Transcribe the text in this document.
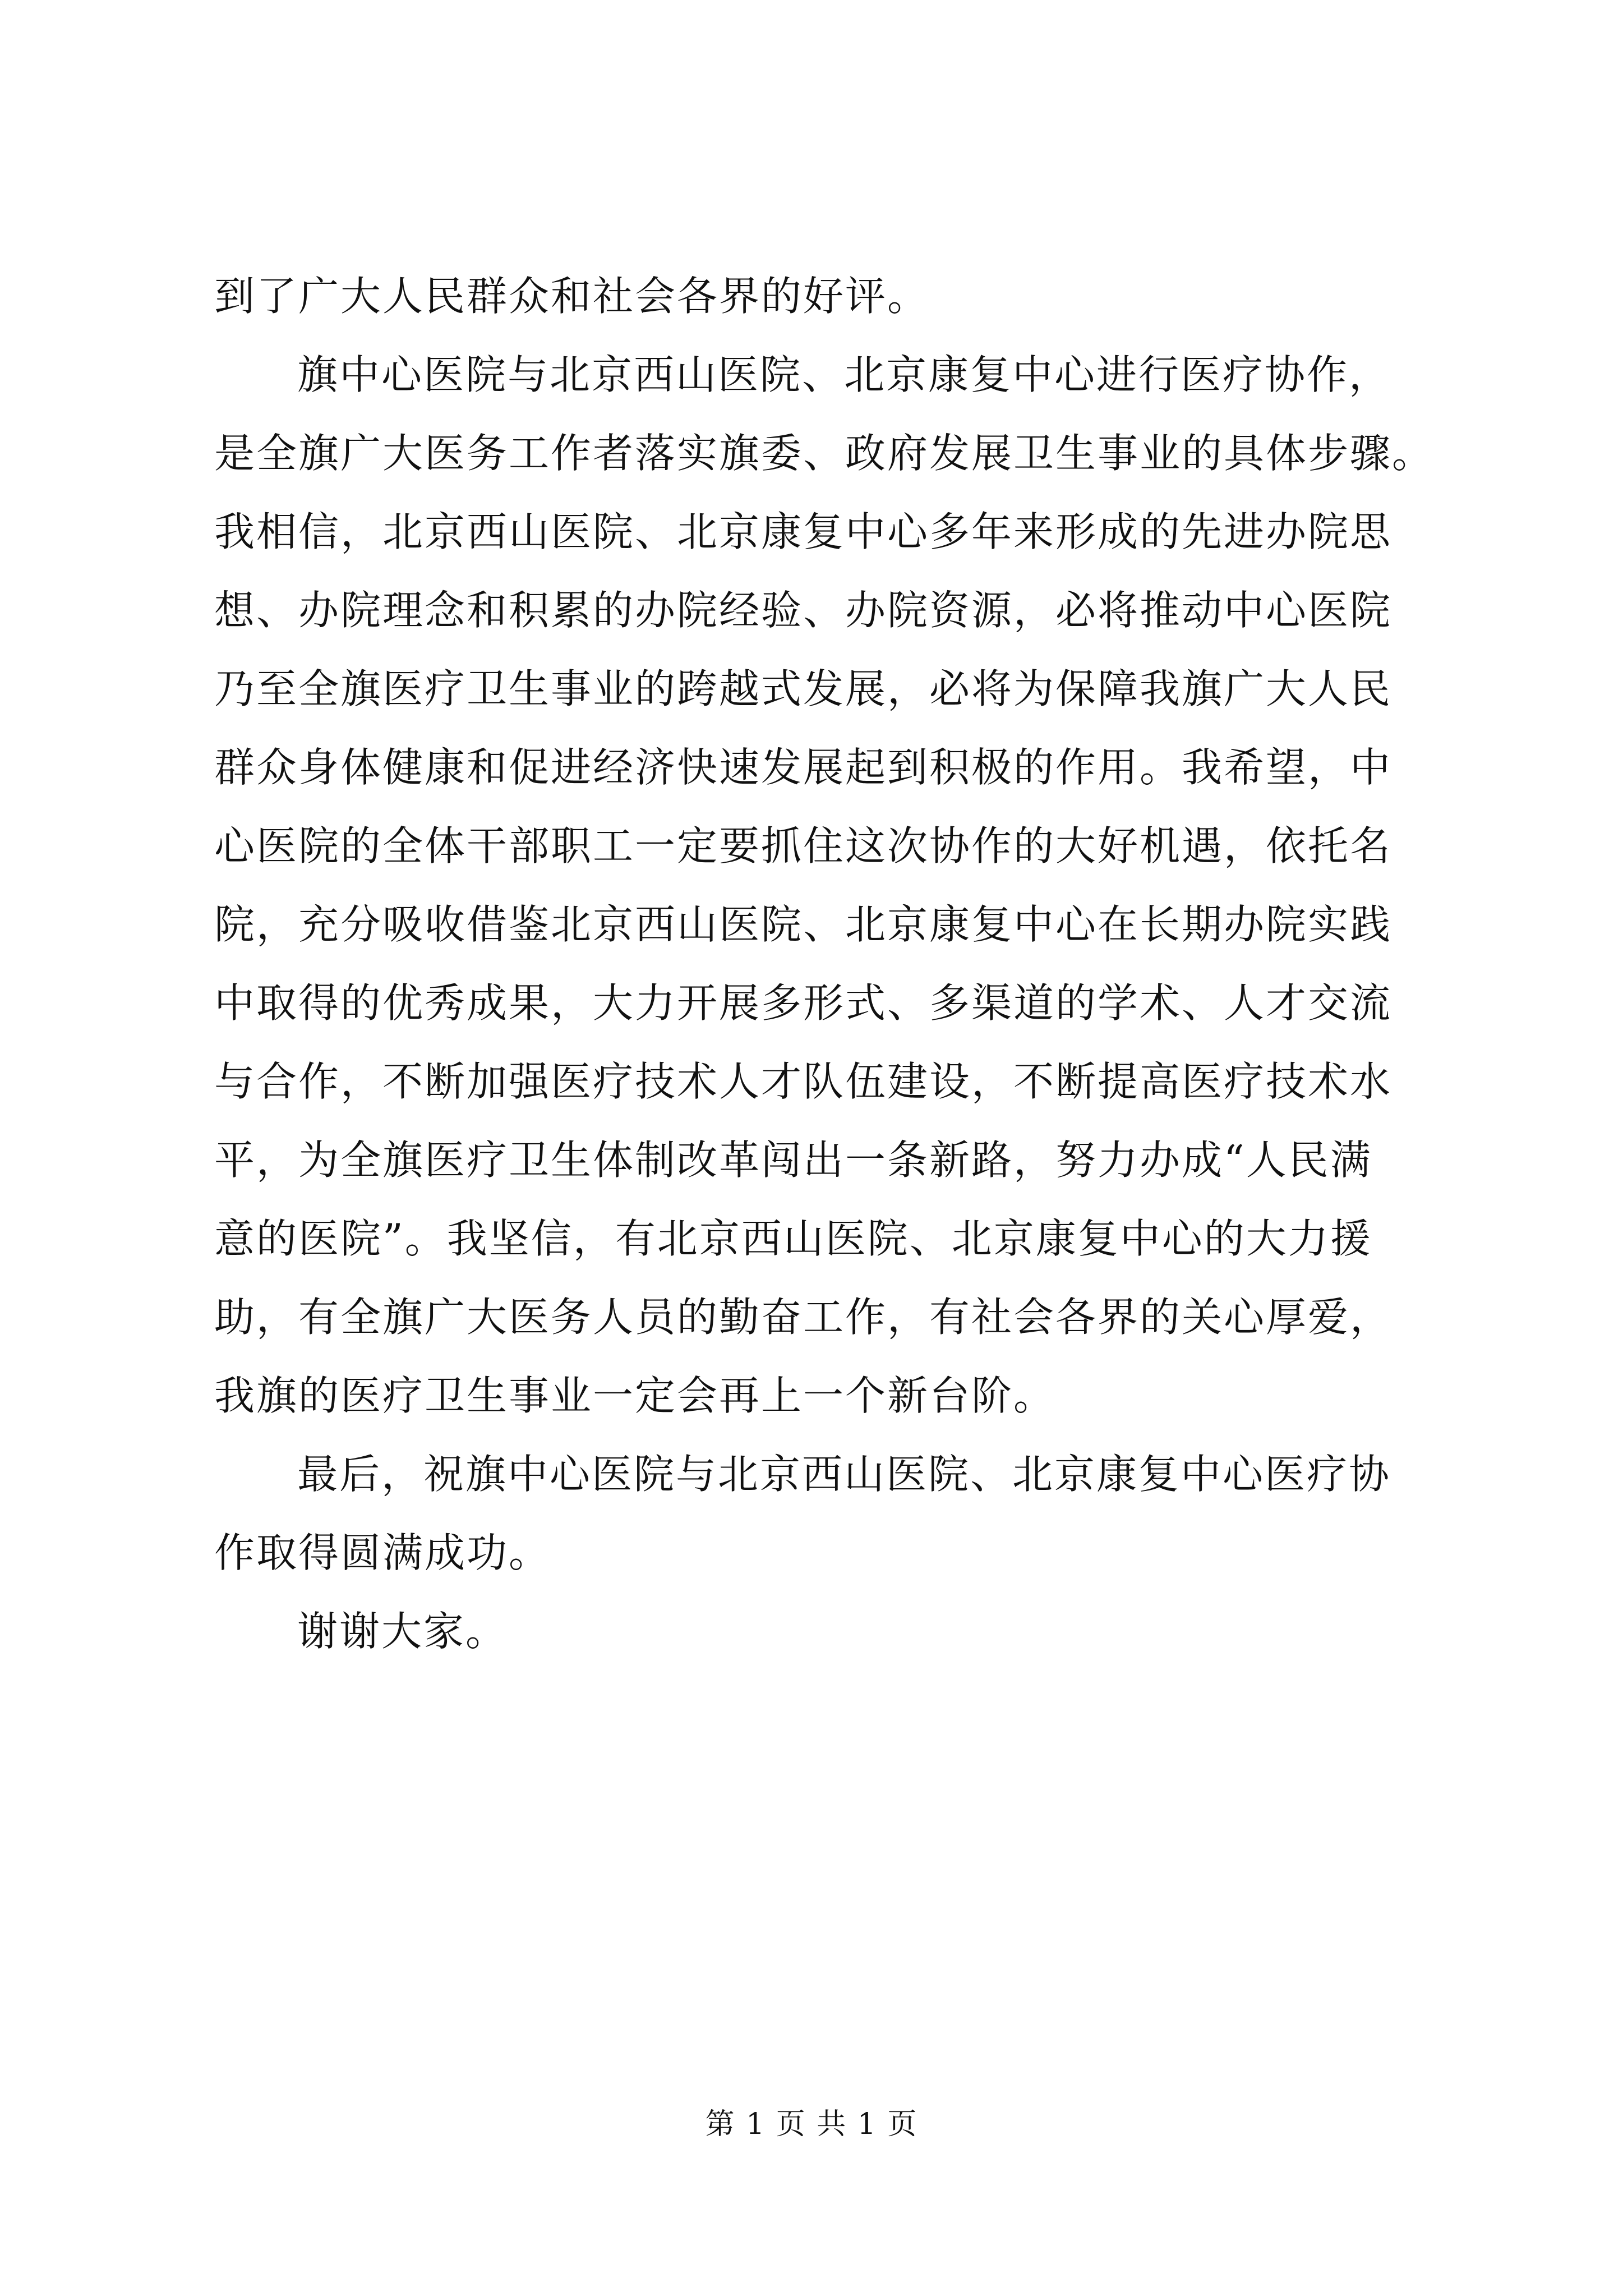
到了广大人民群众和社会各界的好评。
旗中心医院与北京西山医院、北京康复中心进行医疗协作，
是全旗广大医务工作者落实旗委、政府发展卫生事业的具体步骤。
我相信，北京西山医院、北京康复中心多年来形成的先进办院思
想、办院理念和积累的办院经验、办院资源，必将推动中心医院
乃至全旗医疗卫生事业的跨越式发展，必将为保障我旗广大人民
群众身体健康和促进经济快速发展起到积极的作用。我希望，中
心医院的全体干部职工一定要抓住这次协作的大好机遇，依托名
院，充分吸收借鉴北京西山医院、北京康复中心在长期办院实践
中取得的优秀成果，大力开展多形式、多渠道的学术、人才交流
与合作，不断加强医疗技术人才队伍建设，不断提高医疗技术水
平，为全旗医疗卫生体制改革闯出一条新路，努力办成“人民满
意的医院”。我坚信，有北京西山医院、北京康复中心的大力援
助，有全旗广大医务人员的勤奋工作，有社会各界的关心厚爱，
我旗的医疗卫生事业一定会再上一个新台阶。
最后，祝旗中心医院与北京西山医院、北京康复中心医疗协
作取得圆满成功。
谢谢大家。
第 1 页 共 1 页
